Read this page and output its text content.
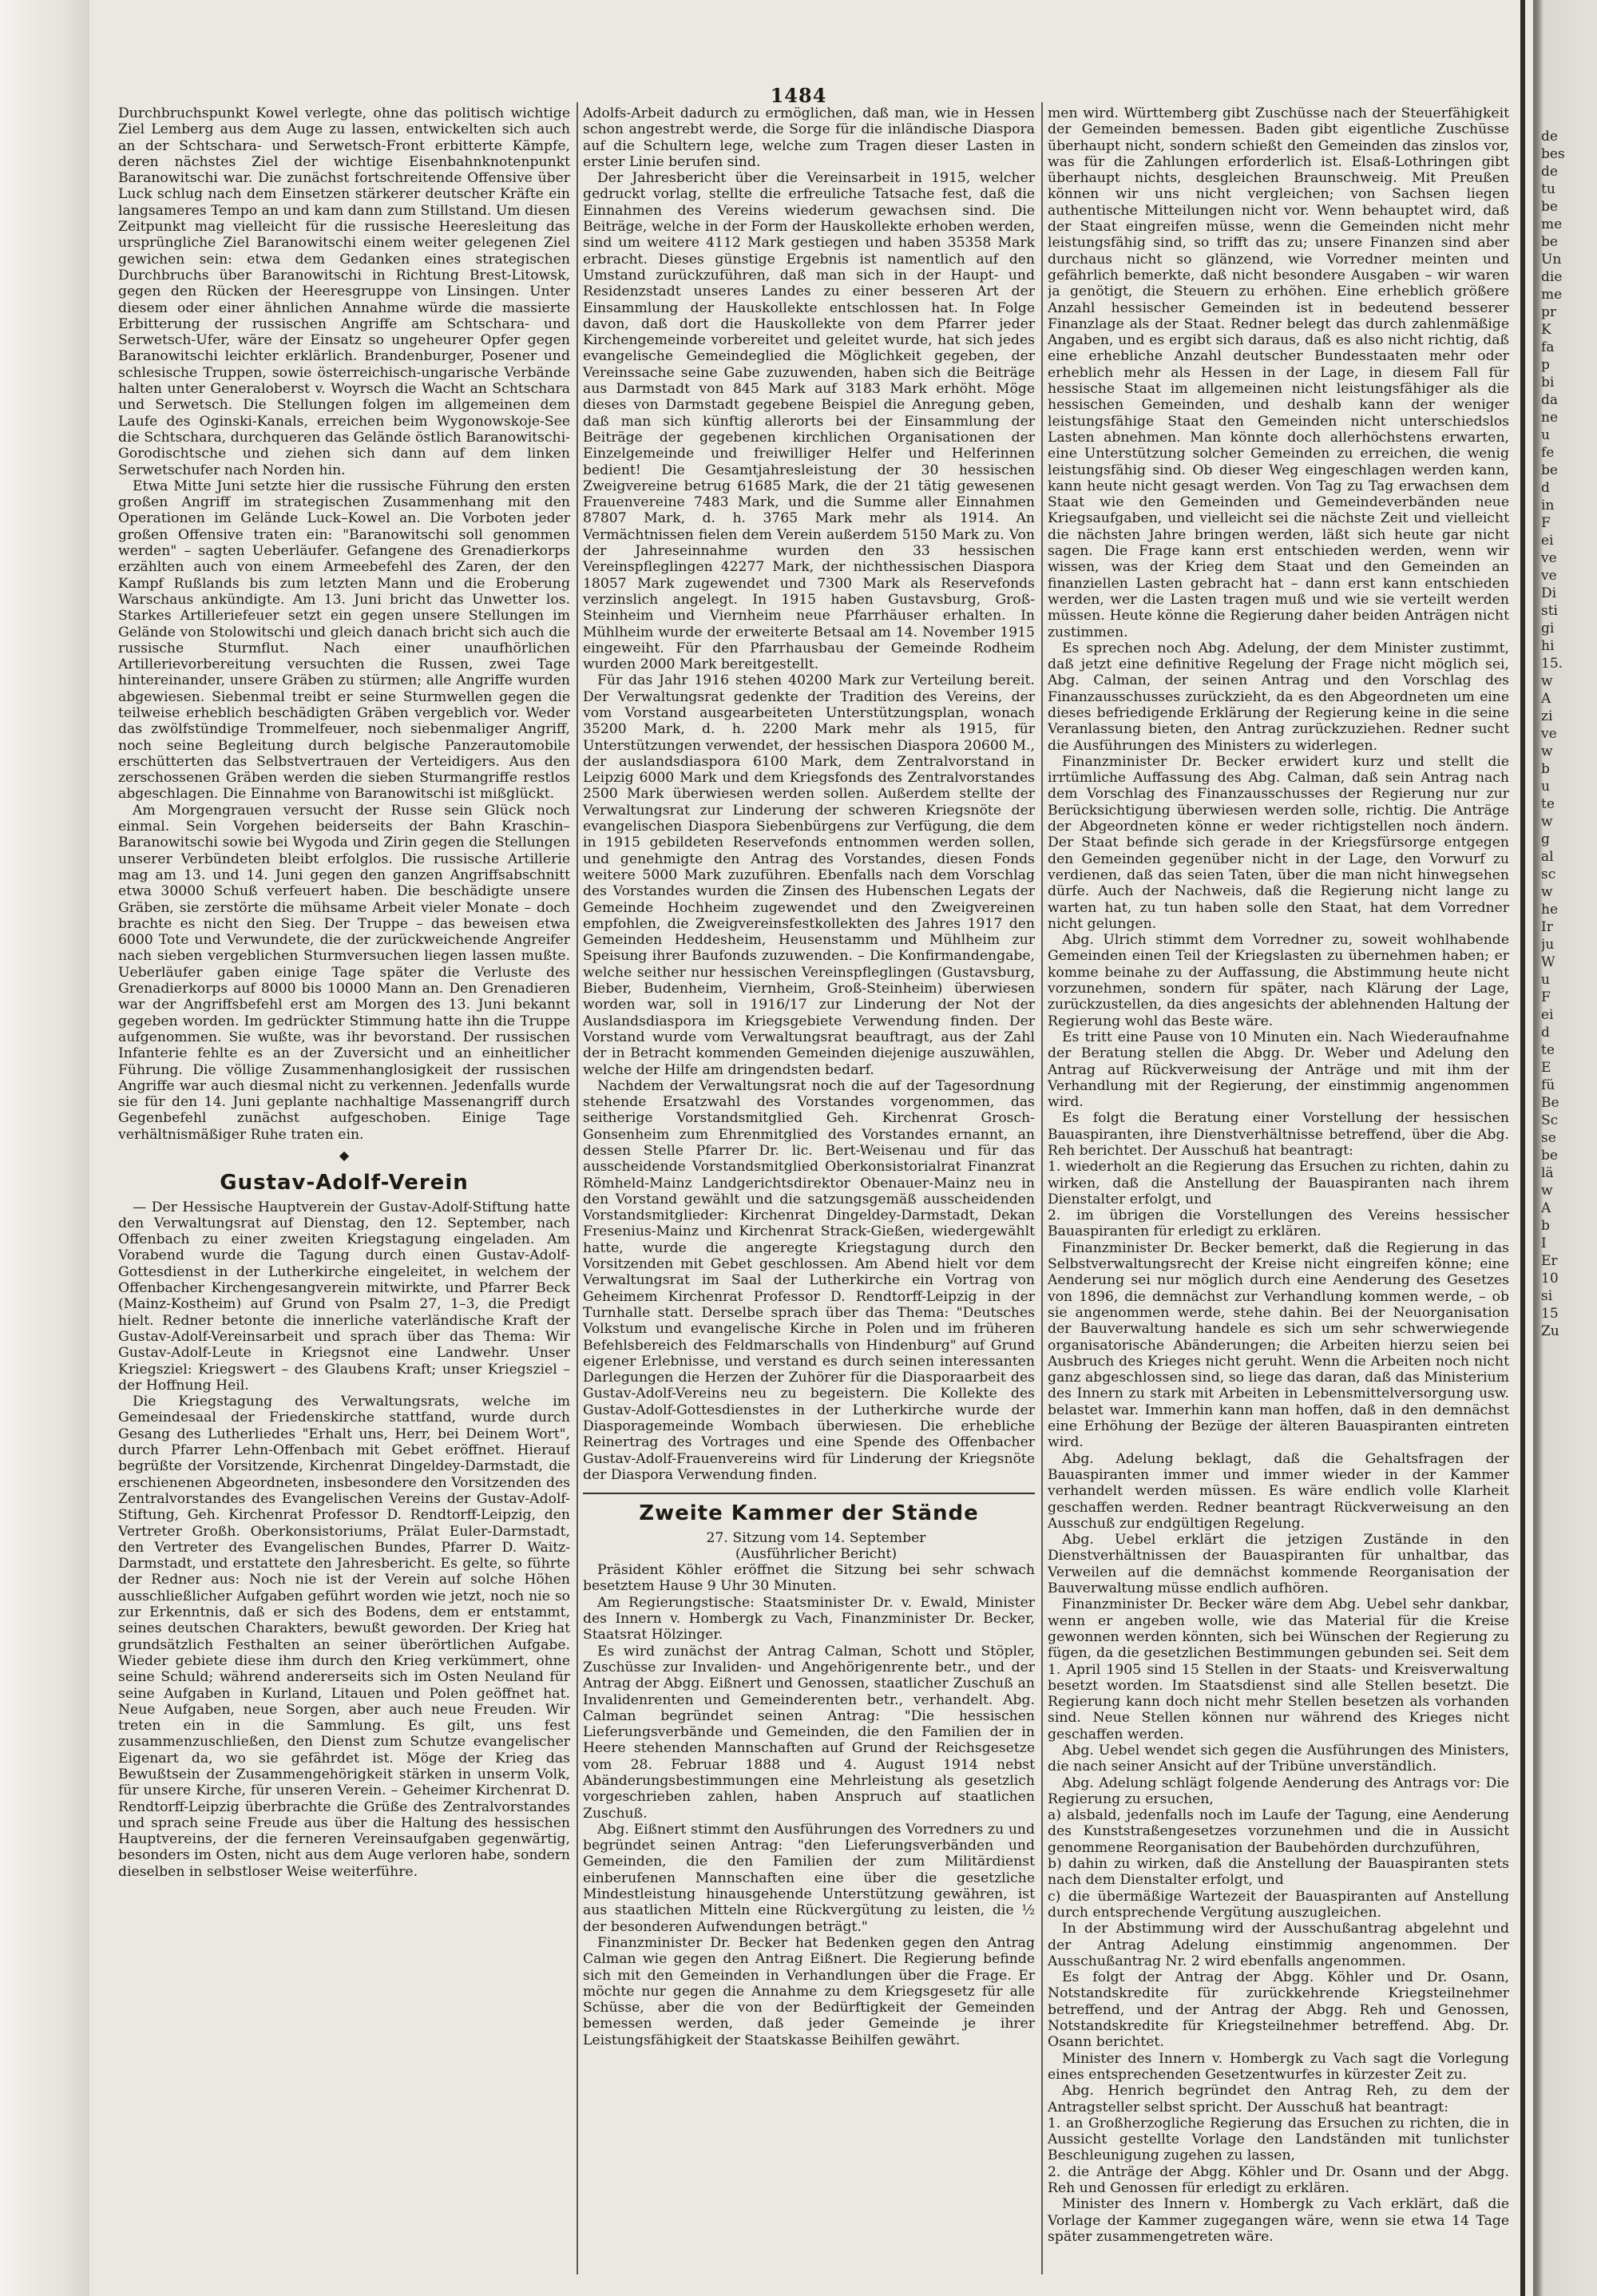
de
bes
de
tu
be
me
be
Un
die
me
pr
K
fa
p
bi
da
ne
u
fe
be
d
in
F
ei
ve
ve
Di
sti
gi
hi
15.
w
A
zi
ve
w
b
u
te
w
g
al
sc
w
he
Ir
ju
W
u
F
ei
d
te
E
fü
Be
Sc
se
be
lä
w
A
b
I
Er
10
si
15
Zu
1484

Durchbruchspunkt Kowel verlegte, ohne das politisch wichtige Ziel Lemberg aus dem Auge zu lassen, entwickelten sich auch an der Schtschara- und Serwetsch-Front erbitterte Kämpfe, deren nächstes Ziel der wichtige Eisenbahnknotenpunkt Baranowitschi war. Die zunächst fortschreitende Offensive über Luck schlug nach dem Einsetzen stärkerer deutscher Kräfte ein langsameres Tempo an und kam dann zum Stillstand. Um diesen Zeitpunkt mag vielleicht für die russische Heeresleitung das ursprüngliche Ziel Baranowitschi einem weiter gelegenen Ziel gewichen sein: etwa dem Gedanken eines strategischen Durchbruchs über Baranowitschi in Richtung Brest-Litowsk, gegen den Rücken der Heeresgruppe von Linsingen. Unter diesem oder einer ähnlichen Annahme würde die massierte Erbitterung der russischen Angriffe am Schtschara- und Serwetsch-Ufer, wäre der Einsatz so ungeheurer Opfer gegen Baranowitschi leichter erklärlich. Brandenburger, Posener und schlesische Truppen, sowie österreichisch-ungarische Verbände halten unter Generaloberst v. Woyrsch die Wacht an Schtschara und Serwetsch. Die Stellungen folgen im allgemeinen dem Laufe des Oginski-Kanals, erreichen beim Wygonowskoje-See die Schtschara, durchqueren das Gelände östlich Baranowitschi-Gorodischtsche und ziehen sich dann auf dem linken Serwetschufer nach Norden hin.

Etwa Mitte Juni setzte hier die russische Führung den ersten großen Angriff im strategischen Zusammenhang mit den Operationen im Gelände Luck–Kowel an. Die Vorboten jeder großen Offensive traten ein: "Baranowitschi soll genommen werden" – sagten Ueberläufer. Gefangene des Grenadierkorps erzählten auch von einem Armeebefehl des Zaren, der den Kampf Rußlands bis zum letzten Mann und die Eroberung Warschaus ankündigte. Am 13. Juni bricht das Unwetter los. Starkes Artilleriefeuer setzt ein gegen unsere Stellungen im Gelände von Stolowitschi und gleich danach bricht sich auch die russische Sturmflut. Nach einer unaufhörlichen Artillerievorbereitung versuchten die Russen, zwei Tage hintereinander, unsere Gräben zu stürmen; alle Angriffe wurden abgewiesen. Siebenmal treibt er seine Sturmwellen gegen die teilweise erheblich beschädigten Gräben vergeblich vor. Weder das zwölfstündige Trommelfeuer, noch siebenmaliger Angriff, noch seine Begleitung durch belgische Panzerautomobile erschütterten das Selbstvertrauen der Verteidigers. Aus den zerschossenen Gräben werden die sieben Sturmangriffe restlos abgeschlagen. Die Einnahme von Baranowitschi ist mißglückt.

Am Morgengrauen versucht der Russe sein Glück noch einmal. Sein Vorgehen beiderseits der Bahn Kraschin–Baranowitschi sowie bei Wygoda und Zirin gegen die Stellungen unserer Verbündeten bleibt erfolglos. Die russische Artillerie mag am 13. und 14. Juni gegen den ganzen Angriffsabschnitt etwa 30000 Schuß verfeuert haben. Die beschädigte unsere Gräben, sie zerstörte die mühsame Arbeit vieler Monate – doch brachte es nicht den Sieg. Der Truppe – das beweisen etwa 6000 Tote und Verwundete, die der zurückweichende Angreifer nach sieben vergeblichen Sturmversuchen liegen lassen mußte. Ueberläufer gaben einige Tage später die Verluste des Grenadierkorps auf 8000 bis 10000 Mann an. Den Grenadieren war der Angriffsbefehl erst am Morgen des 13. Juni bekannt gegeben worden. Im gedrückter Stimmung hatte ihn die Truppe aufgenommen. Sie wußte, was ihr bevorstand. Der russischen Infanterie fehlte es an der Zuversicht und an einheitlicher Führung. Die völlige Zusammenhanglosigkeit der russischen Angriffe war auch diesmal nicht zu verkennen. Jedenfalls wurde sie für den 14. Juni geplante nachhaltige Massenangriff durch Gegenbefehl zunächst aufgeschoben. Einige Tage verhältnismäßiger Ruhe traten ein.

◆
Gustav-Adolf-Verein

— Der Hessische Hauptverein der Gustav-Adolf-Stiftung hatte den Verwaltungsrat auf Dienstag, den 12. September, nach Offenbach zu einer zweiten Kriegstagung eingeladen. Am Vorabend wurde die Tagung durch einen Gustav-Adolf-Gottesdienst in der Lutherkirche eingeleitet, in welchem der Offenbacher Kirchengesangverein mitwirkte, und Pfarrer Beck (Mainz-Kostheim) auf Grund von Psalm 27, 1–3, die Predigt hielt. Redner betonte die innerliche vaterländische Kraft der Gustav-Adolf-Vereinsarbeit und sprach über das Thema: Wir Gustav-Adolf-Leute in Kriegsnot eine Landwehr. Unser Kriegsziel: Kriegswert – des Glaubens Kraft; unser Kriegsziel – der Hoffnung Heil.

Die Kriegstagung des Verwaltungsrats, welche im Gemeindesaal der Friedenskirche stattfand, wurde durch Gesang des Lutherliedes "Erhalt uns, Herr, bei Deinem Wort", durch Pfarrer Lehn-Offenbach mit Gebet eröffnet. Hierauf begrüßte der Vorsitzende, Kirchenrat Dingeldey-Darmstadt, die erschienenen Abgeordneten, insbesondere den Vorsitzenden des Zentralvorstandes des Evangelischen Vereins der Gustav-Adolf-Stiftung, Geh. Kirchenrat Professor D. Rendtorff-Leipzig, den Vertreter Großh. Oberkonsistoriums, Prälat Euler-Darmstadt, den Vertreter des Evangelischen Bundes, Pfarrer D. Waitz-Darmstadt, und erstattete den Jahresbericht. Es gelte, so führte der Redner aus: Noch nie ist der Verein auf solche Höhen ausschließlicher Aufgaben geführt worden wie jetzt, noch nie so zur Erkenntnis, daß er sich des Bodens, dem er entstammt, seines deutschen Charakters, bewußt geworden. Der Krieg hat grundsätzlich Festhalten an seiner überörtlichen Aufgabe. Wieder gebiete diese ihm durch den Krieg verkümmert, ohne seine Schuld; während andererseits sich im Osten Neuland für seine Aufgaben in Kurland, Litauen und Polen geöffnet hat. Neue Aufgaben, neue Sorgen, aber auch neue Freuden. Wir treten ein in die Sammlung. Es gilt, uns fest zusammenzuschließen, den Dienst zum Schutze evangelischer Eigenart da, wo sie gefährdet ist. Möge der Krieg das Bewußtsein der Zusammengehörigkeit stärken in unserm Volk, für unsere Kirche, für unseren Verein. – Geheimer Kirchenrat D. Rendtorff-Leipzig überbrachte die Grüße des Zentralvorstandes und sprach seine Freude aus über die Haltung des hessischen Hauptvereins, der die ferneren Vereinsaufgaben gegenwärtig, besonders im Osten, nicht aus dem Auge verloren habe, sondern dieselben in selbstloser Weise weiterführe.

Adolfs-Arbeit dadurch zu ermöglichen, daß man, wie in Hessen schon angestrebt werde, die Sorge für die inländische Diaspora auf die Schultern lege, welche zum Tragen dieser Lasten in erster Linie berufen sind.

Der Jahresbericht über die Vereinsarbeit in 1915, welcher gedruckt vorlag, stellte die erfreuliche Tatsache fest, daß die Einnahmen des Vereins wiederum gewachsen sind. Die Beiträge, welche in der Form der Hauskollekte erhoben werden, sind um weitere 4112 Mark gestiegen und haben 35358 Mark erbracht. Dieses günstige Ergebnis ist namentlich auf den Umstand zurückzuführen, daß man sich in der Haupt- und Residenzstadt unseres Landes zu einer besseren Art der Einsammlung der Hauskollekte entschlossen hat. In Folge davon, daß dort die Hauskollekte von dem Pfarrer jeder Kirchengemeinde vorbereitet und geleitet wurde, hat sich jedes evangelische Gemeindeglied die Möglichkeit gegeben, der Vereinssache seine Gabe zuzuwenden, haben sich die Beiträge aus Darmstadt von 845 Mark auf 3183 Mark erhöht. Möge dieses von Darmstadt gegebene Beispiel die Anregung geben, daß man sich künftig allerorts bei der Einsammlung der Beiträge der gegebenen kirchlichen Organisationen der Einzelgemeinde und freiwilliger Helfer und Helferinnen bedient! Die Gesamtjahresleistung der 30 hessischen Zweigvereine betrug 61685 Mark, die der 21 tätig gewesenen Frauenvereine 7483 Mark, und die Summe aller Einnahmen 87807 Mark, d. h. 3765 Mark mehr als 1914. An Vermächtnissen fielen dem Verein außerdem 5150 Mark zu. Von der Jahreseinnahme wurden den 33 hessischen Vereinspfleglingen 42277 Mark, der nichthessischen Diaspora 18057 Mark zugewendet und 7300 Mark als Reservefonds verzinslich angelegt. In 1915 haben Gustavsburg, Groß-Steinheim und Viernheim neue Pfarrhäuser erhalten. In Mühlheim wurde der erweiterte Betsaal am 14. November 1915 eingeweiht. Für den Pfarrhausbau der Gemeinde Rodheim wurden 2000 Mark bereitgestellt.

Für das Jahr 1916 stehen 40200 Mark zur Verteilung bereit. Der Verwaltungsrat gedenkte der Tradition des Vereins, der vom Vorstand ausgearbeiteten Unterstützungsplan, wonach 35200 Mark, d. h. 2200 Mark mehr als 1915, für Unterstützungen verwendet, der hessischen Diaspora 20600 M., der auslandsdiaspora 6100 Mark, dem Zentralvorstand in Leipzig 6000 Mark und dem Kriegsfonds des Zentralvorstandes 2500 Mark überwiesen werden sollen. Außerdem stellte der Verwaltungsrat zur Linderung der schweren Kriegsnöte der evangelischen Diaspora Siebenbürgens zur Verfügung, die dem in 1915 gebildeten Reservefonds entnommen werden sollen, und genehmigte den Antrag des Vorstandes, diesen Fonds weitere 5000 Mark zuzuführen. Ebenfalls nach dem Vorschlag des Vorstandes wurden die Zinsen des Hubenschen Legats der Gemeinde Hochheim zugewendet und den Zweigvereinen empfohlen, die Zweigvereinsfestkollekten des Jahres 1917 den Gemeinden Heddesheim, Heusenstamm und Mühlheim zur Speisung ihrer Baufonds zuzuwenden. – Die Konfirmandengabe, welche seither nur hessischen Vereinspfleglingen (Gustavsburg, Bieber, Budenheim, Viernheim, Groß-Steinheim) überwiesen worden war, soll in 1916/17 zur Linderung der Not der Auslandsdiaspora im Kriegsgebiete Verwendung finden. Der Vorstand wurde vom Verwaltungsrat beauftragt, aus der Zahl der in Betracht kommenden Gemeinden diejenige auszuwählen, welche der Hilfe am dringendsten bedarf.

Nachdem der Verwaltungsrat noch die auf der Tagesordnung stehende Ersatzwahl des Vorstandes vorgenommen, das seitherige Vorstandsmitglied Geh. Kirchenrat Grosch-Gonsenheim zum Ehrenmitglied des Vorstandes ernannt, an dessen Stelle Pfarrer Dr. lic. Bert-Weisenau und für das ausscheidende Vorstandsmitglied Oberkonsistorialrat Finanzrat Römheld-Mainz Landgerichtsdirektor Obenauer-Mainz neu in den Vorstand gewählt und die satzungsgemäß ausscheidenden Vorstandsmitglieder: Kirchenrat Dingeldey-Darmstadt, Dekan Fresenius-Mainz und Kirchenrat Strack-Gießen, wiedergewählt hatte, wurde die angeregte Kriegstagung durch den Vorsitzenden mit Gebet geschlossen. Am Abend hielt vor dem Verwaltungsrat im Saal der Lutherkirche ein Vortrag von Geheimem Kirchenrat Professor D. Rendtorff-Leipzig in der Turnhalle statt. Derselbe sprach über das Thema: "Deutsches Volkstum und evangelische Kirche in Polen und im früheren Befehlsbereich des Feldmarschalls von Hindenburg" auf Grund eigener Erlebnisse, und verstand es durch seinen interessanten Darlegungen die Herzen der Zuhörer für die Diasporaarbeit des Gustav-Adolf-Vereins neu zu begeistern. Die Kollekte des Gustav-Adolf-Gottesdienstes in der Lutherkirche wurde der Diasporagemeinde Wombach überwiesen. Die erhebliche Reinertrag des Vortrages und eine Spende des Offenbacher Gustav-Adolf-Frauenvereins wird für Linderung der Kriegsnöte der Diaspora Verwendung finden.

Zweite Kammer der Stände

27. Sitzung vom 14. September

(Ausführlicher Bericht)

Präsident Köhler eröffnet die Sitzung bei sehr schwach besetztem Hause 9 Uhr 30 Minuten.

Am Regierungstische: Staatsminister Dr. v. Ewald, Minister des Innern v. Hombergk zu Vach, Finanzminister Dr. Becker, Staatsrat Hölzinger.

Es wird zunächst der Antrag Calman, Schott und Stöpler, Zuschüsse zur Invaliden- und Angehörigenrente betr., und der Antrag der Abgg. Eißnert und Genossen, staatlicher Zuschuß an Invalidenrenten und Gemeinderenten betr., verhandelt. Abg. Calman begründet seinen Antrag: "Die hessischen Lieferungsverbände und Gemeinden, die den Familien der in Heere stehenden Mannschaften auf Grund der Reichsgesetze vom 28. Februar 1888 und 4. August 1914 nebst Abänderungsbestimmungen eine Mehrleistung als gesetzlich vorgeschrieben zahlen, haben Anspruch auf staatlichen Zuschuß.

Abg. Eißnert stimmt den Ausführungen des Vorredners zu und begründet seinen Antrag: "den Lieferungsverbänden und Gemeinden, die den Familien der zum Militärdienst einberufenen Mannschaften eine über die gesetzliche Mindestleistung hinausgehende Unterstützung gewähren, ist aus staatlichen Mitteln eine Rückvergütung zu leisten, die ½ der besonderen Aufwendungen beträgt."

Finanzminister Dr. Becker hat Bedenken gegen den Antrag Calman wie gegen den Antrag Eißnert. Die Regierung befinde sich mit den Gemeinden in Verhandlungen über die Frage. Er möchte nur gegen die Annahme zu dem Kriegsgesetz für alle Schüsse, aber die von der Bedürftigkeit der Gemeinden bemessen werden, daß jeder Gemeinde je ihrer Leistungsfähigkeit der Staatskasse Beihilfen gewährt.

men wird. Württemberg gibt Zuschüsse nach der Steuerfähigkeit der Gemeinden bemessen. Baden gibt eigentliche Zuschüsse überhaupt nicht, sondern schießt den Gemeinden das zinslos vor, was für die Zahlungen erforderlich ist. Elsaß-Lothringen gibt überhaupt nichts, desgleichen Braunschweig. Mit Preußen können wir uns nicht vergleichen; von Sachsen liegen authentische Mitteilungen nicht vor. Wenn behauptet wird, daß der Staat eingreifen müsse, wenn die Gemeinden nicht mehr leistungsfähig sind, so trifft das zu; unsere Finanzen sind aber durchaus nicht so glänzend, wie Vorredner meinten und gefährlich bemerkte, daß nicht besondere Ausgaben – wir waren ja genötigt, die Steuern zu erhöhen. Eine erheblich größere Anzahl hessischer Gemeinden ist in bedeutend besserer Finanzlage als der Staat. Redner belegt das durch zahlenmäßige Angaben, und es ergibt sich daraus, daß es also nicht richtig, daß eine erhebliche Anzahl deutscher Bundesstaaten mehr oder erheblich mehr als Hessen in der Lage, in diesem Fall für hessische Staat im allgemeinen nicht leistungsfähiger als die hessischen Gemeinden, und deshalb kann der weniger leistungsfähige Staat den Gemeinden nicht unterschiedslos Lasten abnehmen. Man könnte doch allerhöchstens erwarten, eine Unterstützung solcher Gemeinden zu erreichen, die wenig leistungsfähig sind. Ob dieser Weg eingeschlagen werden kann, kann heute nicht gesagt werden. Von Tag zu Tag erwachsen dem Staat wie den Gemeinden und Gemeindeverbänden neue Kriegsaufgaben, und vielleicht sei die nächste Zeit und vielleicht die nächsten Jahre bringen werden, läßt sich heute gar nicht sagen. Die Frage kann erst entschieden werden, wenn wir wissen, was der Krieg dem Staat und den Gemeinden an finanziellen Lasten gebracht hat – dann erst kann entschieden werden, wer die Lasten tragen muß und wie sie verteilt werden müssen. Heute könne die Regierung daher beiden Anträgen nicht zustimmen.

Es sprechen noch Abg. Adelung, der dem Minister zustimmt, daß jetzt eine definitive Regelung der Frage nicht möglich sei, Abg. Calman, der seinen Antrag und den Vorschlag des Finanzausschusses zurückzieht, da es den Abgeordneten um eine dieses befriedigende Erklärung der Regierung keine in die seine Veranlassung bieten, den Antrag zurückzuziehen. Redner sucht die Ausführungen des Ministers zu widerlegen.

Finanzminister Dr. Becker erwidert kurz und stellt die irrtümliche Auffassung des Abg. Calman, daß sein Antrag nach dem Vorschlag des Finanzausschusses der Regierung nur zur Berücksichtigung überwiesen werden solle, richtig. Die Anträge der Abgeordneten könne er weder richtigstellen noch ändern. Der Staat befinde sich gerade in der Kriegsfürsorge entgegen den Gemeinden gegenüber nicht in der Lage, den Vorwurf zu verdienen, daß das seien Taten, über die man nicht hinwegsehen dürfe. Auch der Nachweis, daß die Regierung nicht lange zu warten hat, zu tun haben solle den Staat, hat dem Vorredner nicht gelungen.

Abg. Ulrich stimmt dem Vorredner zu, soweit wohlhabende Gemeinden einen Teil der Kriegslasten zu übernehmen haben; er komme beinahe zu der Auffassung, die Abstimmung heute nicht vorzunehmen, sondern für später, nach Klärung der Lage, zurückzustellen, da dies angesichts der ablehnenden Haltung der Regierung wohl das Beste wäre.

Es tritt eine Pause von 10 Minuten ein. Nach Wiederaufnahme der Beratung stellen die Abgg. Dr. Weber und Adelung den Antrag auf Rückverweisung der Anträge und mit ihm der Verhandlung mit der Regierung, der einstimmig angenommen wird.

Es folgt die Beratung einer Vorstellung der hessischen Bauaspiranten, ihre Dienstverhältnisse betreffend, über die Abg. Reh berichtet. Der Ausschuß hat beantragt:

1. wiederholt an die Regierung das Ersuchen zu richten, dahin zu wirken, daß die Anstellung der Bauaspiranten nach ihrem Dienstalter erfolgt, und

2. im übrigen die Vorstellungen des Vereins hessischer Bauaspiranten für erledigt zu erklären.

Finanzminister Dr. Becker bemerkt, daß die Regierung in das Selbstverwaltungsrecht der Kreise nicht eingreifen könne; eine Aenderung sei nur möglich durch eine Aenderung des Gesetzes von 1896, die demnächst zur Verhandlung kommen werde, – ob sie angenommen werde, stehe dahin. Bei der Neuorganisation der Bauverwaltung handele es sich um sehr schwerwiegende organisatorische Abänderungen; die Arbeiten hierzu seien bei Ausbruch des Krieges nicht geruht. Wenn die Arbeiten noch nicht ganz abgeschlossen sind, so liege das daran, daß das Ministerium des Innern zu stark mit Arbeiten in Lebensmittelversorgung usw. belastet war. Immerhin kann man hoffen, daß in den demnächst eine Erhöhung der Bezüge der älteren Bauaspiranten eintreten wird.

Abg. Adelung beklagt, daß die Gehaltsfragen der Bauaspiranten immer und immer wieder in der Kammer verhandelt werden müssen. Es wäre endlich volle Klarheit geschaffen werden. Redner beantragt Rückverweisung an den Ausschuß zur endgültigen Regelung.

Abg. Uebel erklärt die jetzigen Zustände in den Dienstverhältnissen der Bauaspiranten für unhaltbar, das Verweilen auf die demnächst kommende Reorganisation der Bauverwaltung müsse endlich aufhören.

Finanzminister Dr. Becker wäre dem Abg. Uebel sehr dankbar, wenn er angeben wolle, wie das Material für die Kreise gewonnen werden könnten, sich bei Wünschen der Regierung zu fügen, da die gesetzlichen Bestimmungen gebunden sei. Seit dem 1. April 1905 sind 15 Stellen in der Staats- und Kreisverwaltung besetzt worden. Im Staatsdienst sind alle Stellen besetzt. Die Regierung kann doch nicht mehr Stellen besetzen als vorhanden sind. Neue Stellen können nur während des Krieges nicht geschaffen werden.

Abg. Uebel wendet sich gegen die Ausführungen des Ministers, die nach seiner Ansicht auf der Tribüne unverständlich.

Abg. Adelung schlägt folgende Aenderung des Antrags vor: Die Regierung zu ersuchen,

a) alsbald, jedenfalls noch im Laufe der Tagung, eine Aenderung des Kunststraßengesetzes vorzunehmen und die in Aussicht genommene Reorganisation der Baubehörden durchzuführen,

b) dahin zu wirken, daß die Anstellung der Bauaspiranten stets nach dem Dienstalter erfolgt, und

c) die übermäßige Wartezeit der Bauaspiranten auf Anstellung durch entsprechende Vergütung auszugleichen.

In der Abstimmung wird der Ausschußantrag abgelehnt und der Antrag Adelung einstimmig angenommen. Der Ausschußantrag Nr. 2 wird ebenfalls angenommen.

Es folgt der Antrag der Abgg. Köhler und Dr. Osann, Notstandskredite für zurückkehrende Kriegsteilnehmer betreffend, und der Antrag der Abgg. Reh und Genossen, Notstandskredite für Kriegsteilnehmer betreffend. Abg. Dr. Osann berichtet.

Minister des Innern v. Hombergk zu Vach sagt die Vorlegung eines entsprechenden Gesetzentwurfes in kürzester Zeit zu.

Abg. Henrich begründet den Antrag Reh, zu dem der Antragsteller selbst spricht. Der Ausschuß hat beantragt:

1. an Großherzogliche Regierung das Ersuchen zu richten, die in Aussicht gestellte Vorlage den Landständen mit tunlichster Beschleunigung zugehen zu lassen,

2. die Anträge der Abgg. Köhler und Dr. Osann und der Abgg. Reh und Genossen für erledigt zu erklären.

Minister des Innern v. Hombergk zu Vach erklärt, daß die Vorlage der Kammer zugegangen wäre, wenn sie etwa 14 Tage später zusammengetreten wäre.
